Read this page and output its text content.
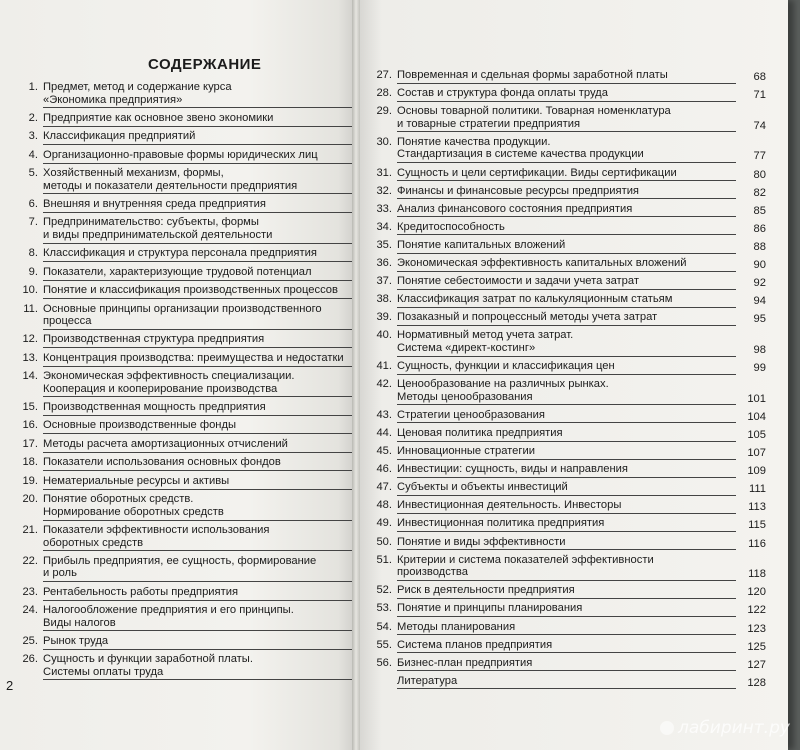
СОДЕРЖАНИЕ
1. Предмет, метод и содержание курса
«Экономика предприятия»
2. Предприятие как основное звено экономики
3. Классификация предприятий
4. Организационно-правовые формы юридических лиц
5. Хозяйственный механизм, формы,
методы и показатели деятельности предприятия
6. Внешняя и внутренняя среда предприятия
7. Предпринимательство: субъекты, формы
и виды предпринимательской деятельности
8. Классификация и структура персонала предприятия
9. Показатели, характеризующие трудовой потенциал
10. Понятие и классификация производственных процессов
11. Основные принципы организации производственного
процесса
12. Производственная структура предприятия
13. Концентрация производства: преимущества и недостатки
14. Экономическая эффективность специализации.
Кооперация и кооперирование производства
15. Производственная мощность предприятия
16. Основные производственные фонды
17. Методы расчета амортизационных отчислений
18. Показатели использования основных фондов
19. Нематериальные ресурсы и активы
20. Понятие оборотных средств.
Нормирование оборотных средств
21. Показатели эффективности использования
оборотных средств
22. Прибыль предприятия, ее сущность, формирование
и роль
23. Рентабельность работы предприятия
24. Налогообложение предприятия и его принципы.
Виды налогов
25. Рынок труда
26. Сущность и функции заработной платы.
Системы оплаты труда
2
27. Повременная и сдельная формы заработной платы	68
28. Состав и структура фонда оплаты труда	71
29. Основы товарной политики. Товарная номенклатура
и товарные стратегии предприятия	74
30. Понятие качества продукции.
Стандартизация в системе качества продукции	77
31. Сущность и цели сертификации. Виды сертификации	80
32. Финансы и финансовые ресурсы предприятия	82
33. Анализ финансового состояния предприятия	85
34. Кредитоспособность	86
35. Понятие капитальных вложений	88
36. Экономическая эффективность капитальных вложений	90
37. Понятие себестоимости и задачи учета затрат	92
38. Классификация затрат по калькуляционным статьям	94
39. Позаказный и попроцессный методы учета затрат	95
40. Нормативный метод учета затрат.
Система «директ-костинг»	98
41. Сущность, функции и классификация цен	99
42. Ценообразование на различных рынках.
Методы ценообразования	101
43. Стратегии ценообразования	104
44. Ценовая политика предприятия	105
45. Инновационные стратегии	107
46. Инвестиции: сущность, виды и направления	109
47. Субъекты и объекты инвестиций	111
48. Инвестиционная деятельность. Инвесторы	113
49. Инвестиционная политика предприятия	115
50. Понятие и виды эффективности	116
51. Критерии и система показателей эффективности
производства	118
52. Риск в деятельности предприятия	120
53. Понятие и принципы планирования	122
54. Методы планирования	123
55. Система планов предприятия	125
56. Бизнес-план предприятия	127
Литература	128
лабиринт.ру
